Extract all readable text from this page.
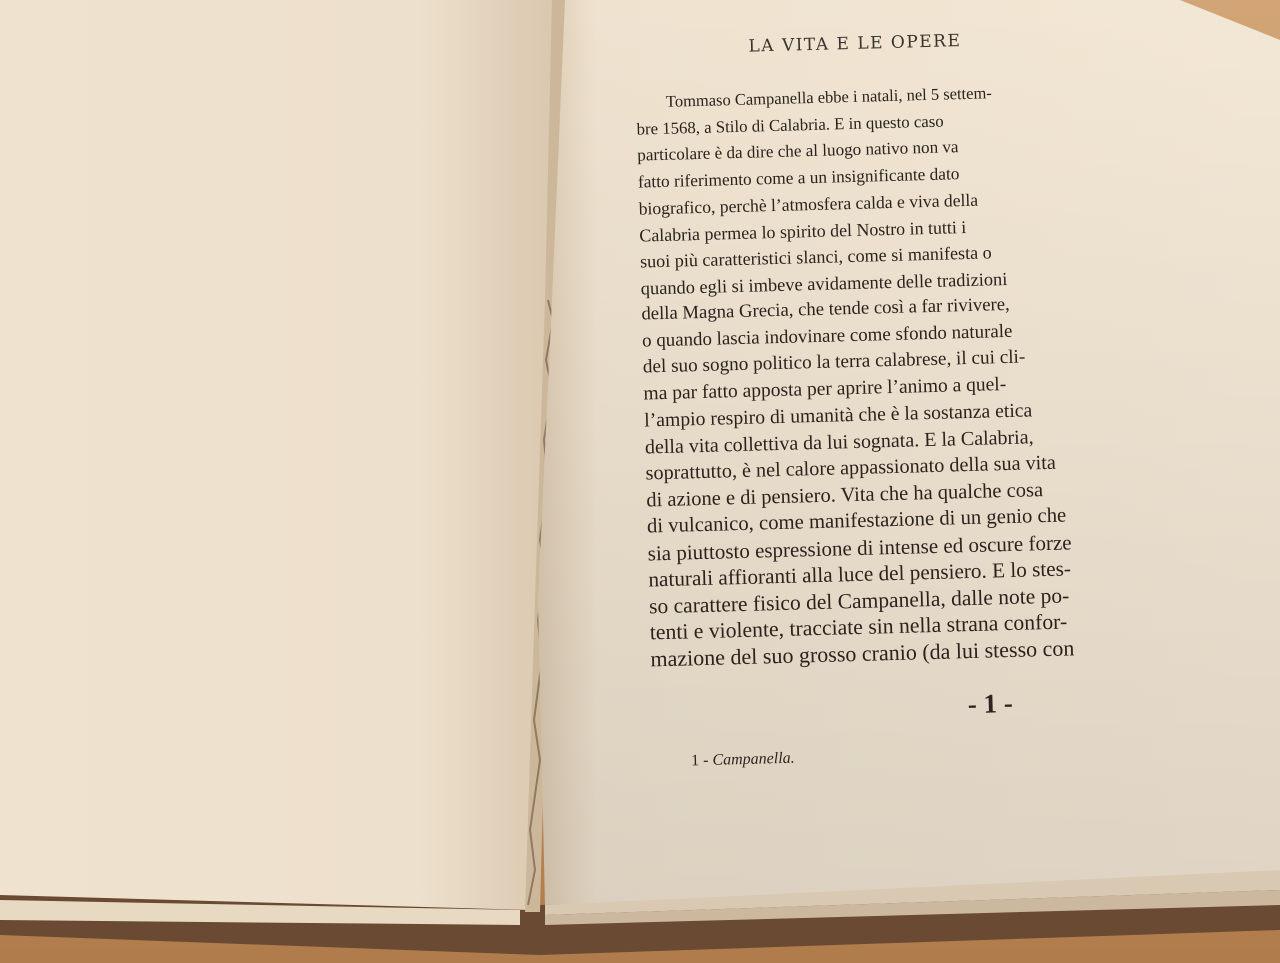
LA VITA E LE OPERE
Tommaso Campanella ebbe i natali, nel 5 settem-
bre 1568, a Stilo di Calabria. E in questo caso
particolare è da dire che al luogo nativo non va
fatto riferimento come a un insignificante dato
biografico, perchè l’atmosfera calda e viva della
Calabria permea lo spirito del Nostro in tutti i
suoi più caratteristici slanci, come si manifesta o
quando egli si imbeve avidamente delle tradizioni
della Magna Grecia, che tende così a far rivivere,
o quando lascia indovinare come sfondo naturale
del suo sogno politico la terra calabrese, il cui cli-
ma par fatto apposta per aprire l’animo a quel-
l’ampio respiro di umanità che è la sostanza etica
della vita collettiva da lui sognata. E la Calabria,
soprattutto, è nel calore appassionato della sua vita
di azione e di pensiero. Vita che ha qualche cosa
di vulcanico, come manifestazione di un genio che
sia piuttosto espressione di intense ed oscure forze
naturali affioranti alla luce del pensiero. E lo stes-
so carattere fisico del Campanella, dalle note po-
tenti e violente, tracciate sin nella strana confor-
mazione del suo grosso cranio (da lui stesso con
- 1 -
1 - Campanella.
